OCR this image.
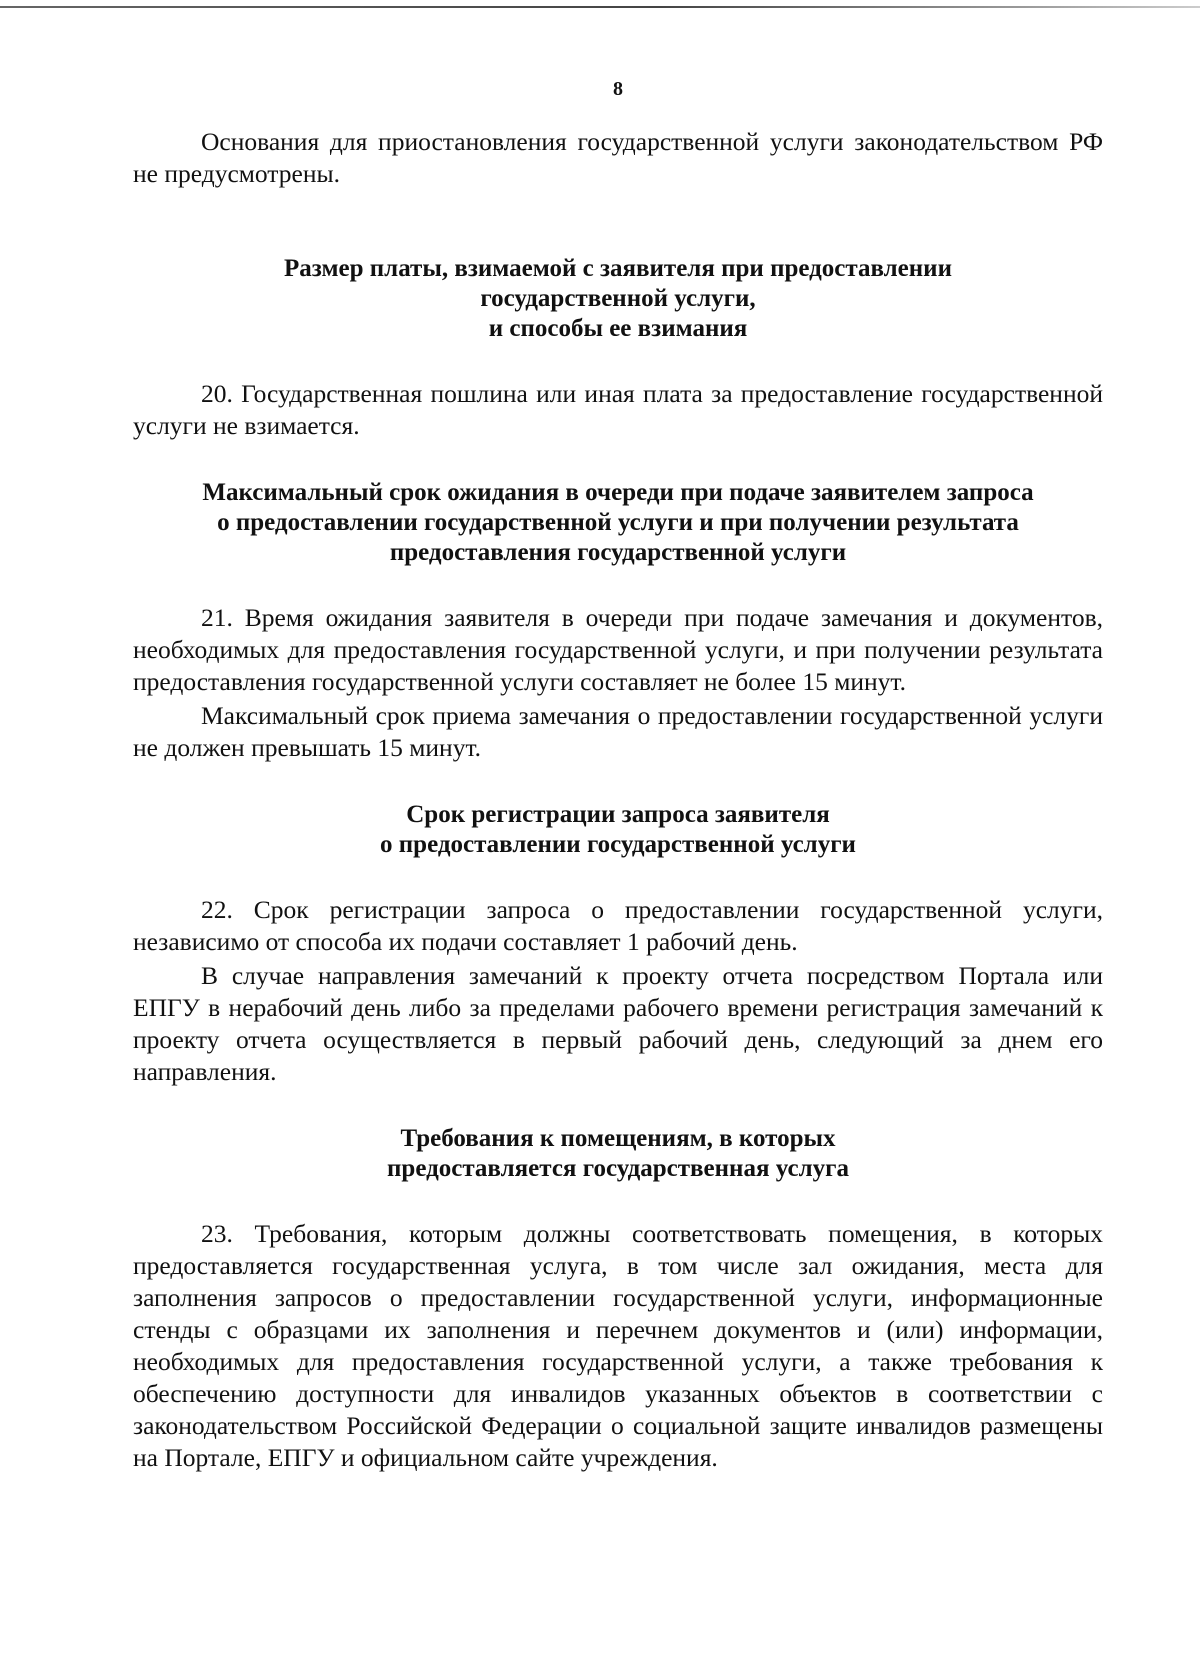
8

Основания для приостановления государственной услуги законодательством РФ не предусмотрены.

Размер платы, взимаемой с заявителя при предоставлении
государственной услуги,
и способы ее взимания

20. Государственная пошлина или иная плата за предоставление государственной услуги не взимается.

Максимальный срок ожидания в очереди при подаче заявителем запроса
о предоставлении государственной услуги и при получении результата
предоставления государственной услуги

21. Время ожидания заявителя в очереди при подаче замечания и документов, необходимых для предоставления государственной услуги, и при получении результата предоставления государственной услуги составляет не более 15 минут.

Максимальный срок приема замечания о предоставлении государственной услуги не должен превышать 15 минут.

Срок регистрации запроса заявителя
о предоставлении государственной услуги

22. Срок регистрации запроса о предоставлении государственной услуги, независимо от способа их подачи составляет 1 рабочий день.

В случае направления замечаний к проекту отчета посредством Портала или ЕПГУ в нерабочий день либо за пределами рабочего времени регистрация замечаний к проекту отчета осуществляется в первый рабочий день, следующий за днем его направления.

Требования к помещениям, в которых
предоставляется государственная услуга

23. Требования, которым должны соответствовать помещения, в которых предоставляется государственная услуга, в том числе зал ожидания, места для заполнения запросов о предоставлении государственной услуги, информационные стенды с образцами их заполнения и перечнем документов и (или) информации, необходимых для предоставления государственной услуги, а также требования к обеспечению доступности для инвалидов указанных объектов в соответствии с законодательством Российской Федерации о социальной защите инвалидов размещены на Портале, ЕПГУ и официальном сайте учреждения.
